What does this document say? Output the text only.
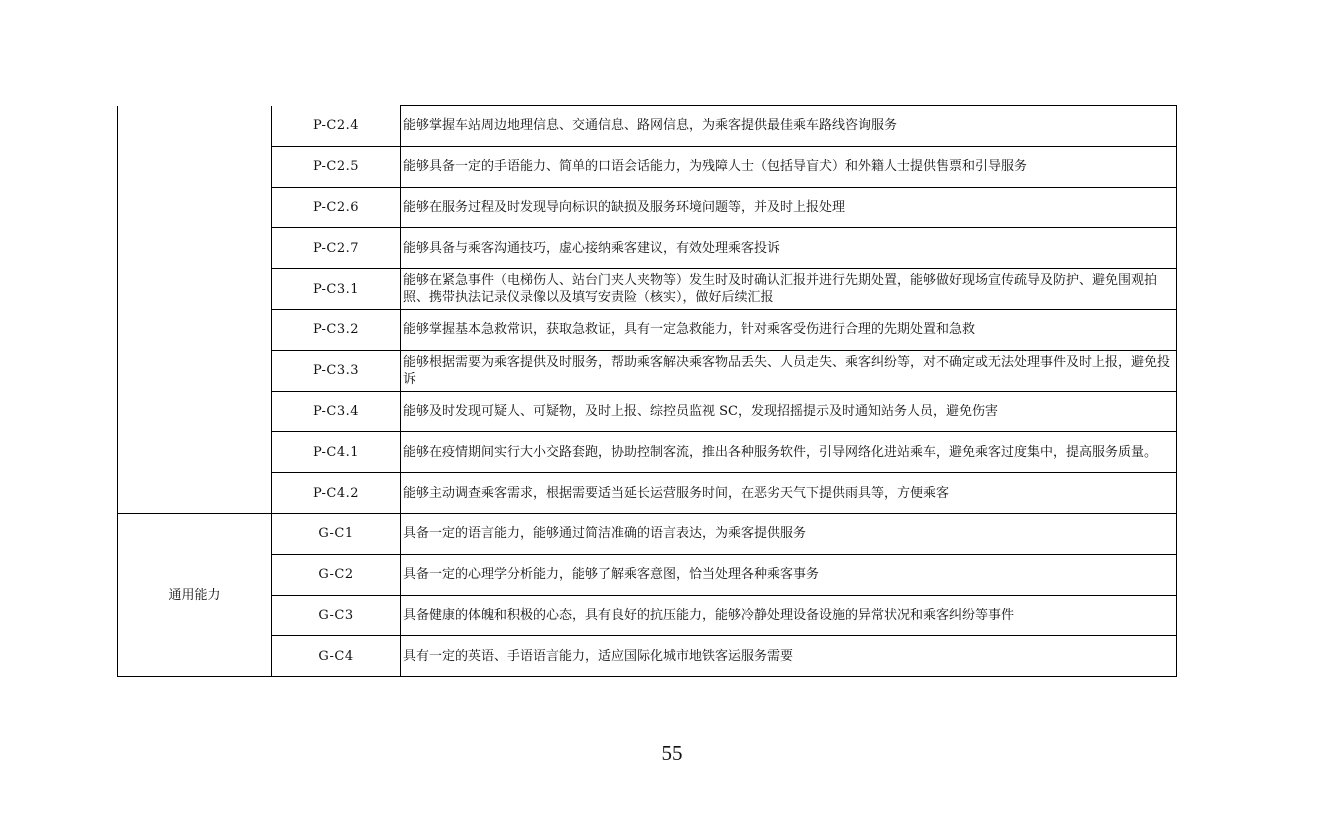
	P-C2.4	能够掌握车站周边地理信息、交通信息、路网信息，为乘客提供最佳乘车路线咨询服务
	P-C2.5	能够具备一定的手语能力、简单的口语会话能力，为残障人士（包括导盲犬）和外籍人士提供售票和引导服务
	P-C2.6	能够在服务过程及时发现导向标识的缺损及服务环境问题等，并及时上报处理
	P-C2.7	能够具备与乘客沟通技巧，虚心接纳乘客建议，有效处理乘客投诉
	P-C3.1	能够在紧急事件（电梯伤人、站台门夹人夹物等）发生时及时确认汇报并进行先期处置，能够做好现场宣传疏导及防护、避免围观拍照、携带执法记录仪录像以及填写安责险（核实），做好后续汇报
	P-C3.2	能够掌握基本急救常识，获取急救证，具有一定急救能力，针对乘客受伤进行合理的先期处置和急救
	P-C3.3	能够根据需要为乘客提供及时服务，帮助乘客解决乘客物品丢失、人员走失、乘客纠纷等，对不确定或无法处理事件及时上报，避免投诉
	P-C3.4	能够及时发现可疑人、可疑物，及时上报、综控员监视 SC，发现招摇提示及时通知站务人员，避免伤害
	P-C4.1	能够在疫情期间实行大小交路套跑，协助控制客流，推出各种服务软件，引导网络化进站乘车，避免乘客过度集中，提高服务质量。
	P-C4.2	能够主动调查乘客需求，根据需要适当延长运营服务时间，在恶劣天气下提供雨具等，方便乘客
通用能力	G-C1	具备一定的语言能力，能够通过简洁准确的语言表达，为乘客提供服务
	G-C2	具备一定的心理学分析能力，能够了解乘客意图，恰当处理各种乘客事务
	G-C3	具备健康的体魄和积极的心态，具有良好的抗压能力，能够冷静处理设备设施的异常状况和乘客纠纷等事件
	G-C4	具有一定的英语、手语语言能力，适应国际化城市地铁客运服务需要
55
